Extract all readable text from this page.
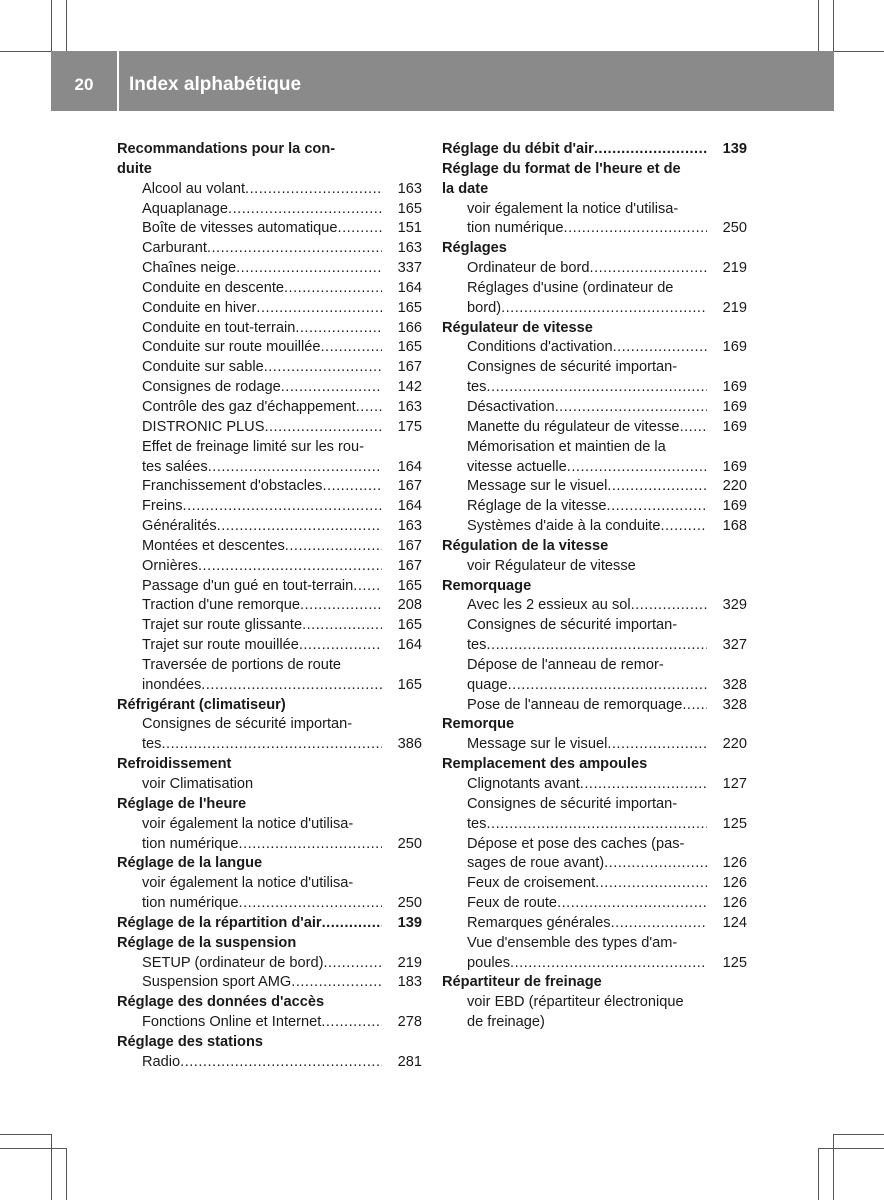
20	Index alphabétique
Recommandations pour la con-
duite
Alcool au volant .....	163
Aquaplanage .....	165
Boîte de vitesses automatique .....	151
Carburant .....	163
Chaînes neige .....	337
Conduite en descente .....	164
Conduite en hiver .....	165
Conduite en tout-terrain .....	166
Conduite sur route mouillée .....	165
Conduite sur sable .....	167
Consignes de rodage .....	142
Contrôle des gaz d'échappement .....	163
DISTRONIC PLUS .....	175
Effet de freinage limité sur les rou-
tes salées .....	164
Franchissement d'obstacles .....	167
Freins .....	164
Généralités .....	163
Montées et descentes .....	167
Ornières .....	167
Passage d'un gué en tout-terrain .....	165
Traction d'une remorque .....	208
Trajet sur route glissante .....	165
Trajet sur route mouillée .....	164
Traversée de portions de route
inondées .....	165
Réfrigérant (climatiseur)
Consignes de sécurité importan-
tes .....	386
Refroidissement
voir Climatisation
Réglage de l'heure
voir également la notice d'utilisa-
tion numérique .....	250
Réglage de la langue
voir également la notice d'utilisa-
tion numérique .....	250
Réglage de la répartition d'air .....	139
Réglage de la suspension
SETUP (ordinateur de bord) .....	219
Suspension sport AMG .....	183
Réglage des données d'accès
Fonctions Online et Internet .....	278
Réglage des stations
Radio .....	281
Réglage du débit d'air .....	139
Réglage du format de l'heure et de
la date
voir également la notice d'utilisa-
tion numérique .....	250
Réglages
Ordinateur de bord .....	219
Réglages d'usine (ordinateur de
bord) .....	219
Régulateur de vitesse
Conditions d'activation .....	169
Consignes de sécurité importan-
tes .....	169
Désactivation .....	169
Manette du régulateur de vitesse .....	169
Mémorisation et maintien de la
vitesse actuelle .....	169
Message sur le visuel .....	220
Réglage de la vitesse .....	169
Systèmes d'aide à la conduite .....	168
Régulation de la vitesse
voir Régulateur de vitesse
Remorquage
Avec les 2 essieux au sol .....	329
Consignes de sécurité importan-
tes .....	327
Dépose de l'anneau de remor-
quage .....	328
Pose de l'anneau de remorquage .....	328
Remorque
Message sur le visuel .....	220
Remplacement des ampoules
Clignotants avant .....	127
Consignes de sécurité importan-
tes .....	125
Dépose et pose des caches (pas-
sages de roue avant) .....	126
Feux de croisement .....	126
Feux de route .....	126
Remarques générales .....	124
Vue d'ensemble des types d'am-
poules .....	125
Répartiteur de freinage
voir EBD (répartiteur électronique
de freinage)
